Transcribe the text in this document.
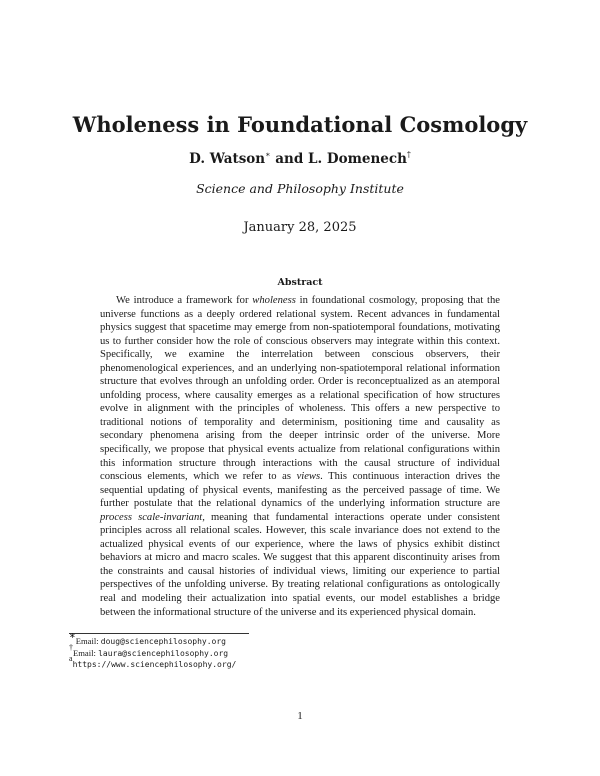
Wholeness in Foundational Cosmology
D. Watson∗ and L. Domenech†
Science and Philosophy Institute
January 28, 2025
Abstract

We introduce a framework for wholeness in foundational cosmology, proposing that the universe functions as a deeply ordered relational system. Recent advances in fundamental physics suggest that spacetime may emerge from non-spatiotemporal foundations, motivating us to further consider how the role of conscious observers may integrate within this context. Specifically, we examine the interrelation between conscious observers, their phenomenological experiences, and an underlying non-spatiotemporal relational information structure that evolves through an unfolding order. Order is reconceptualized as an atemporal unfolding process, where causality emerges as a relational specification of how structures evolve in alignment with the principles of wholeness. This offers a new perspective to traditional notions of temporality and determinism, positioning time and causality as secondary phenomena arising from the deeper intrinsic order of the universe. More specifically, we propose that physical events actualize from relational configurations within this information structure through interactions with the causal structure of individual conscious elements, which we refer to as views. This continuous interaction drives the sequential updating of physical events, manifesting as the perceived passage of time. We further postulate that the relational dynamics of the underlying information structure are process scale-invariant, meaning that fundamental interactions operate under consistent principles across all relational scales. However, this scale invariance does not extend to the actualized physical events of our experience, where the laws of physics exhibit distinct behaviors at micro and macro scales. We suggest that this apparent discontinuity arises from the constraints and causal histories of individual views, limiting our experience to partial perspectives of the unfolding universe. By treating relational configurations as ontologically real and modeling their actualization into spatial events, our model establishes a bridge between the informational structure of the universe and its experienced physical domain.

∗Email: doug@sciencephilosophy.org
†Email: laura@sciencephilosophy.org
$^a$https://www.sciencephilosophy.org/
1
